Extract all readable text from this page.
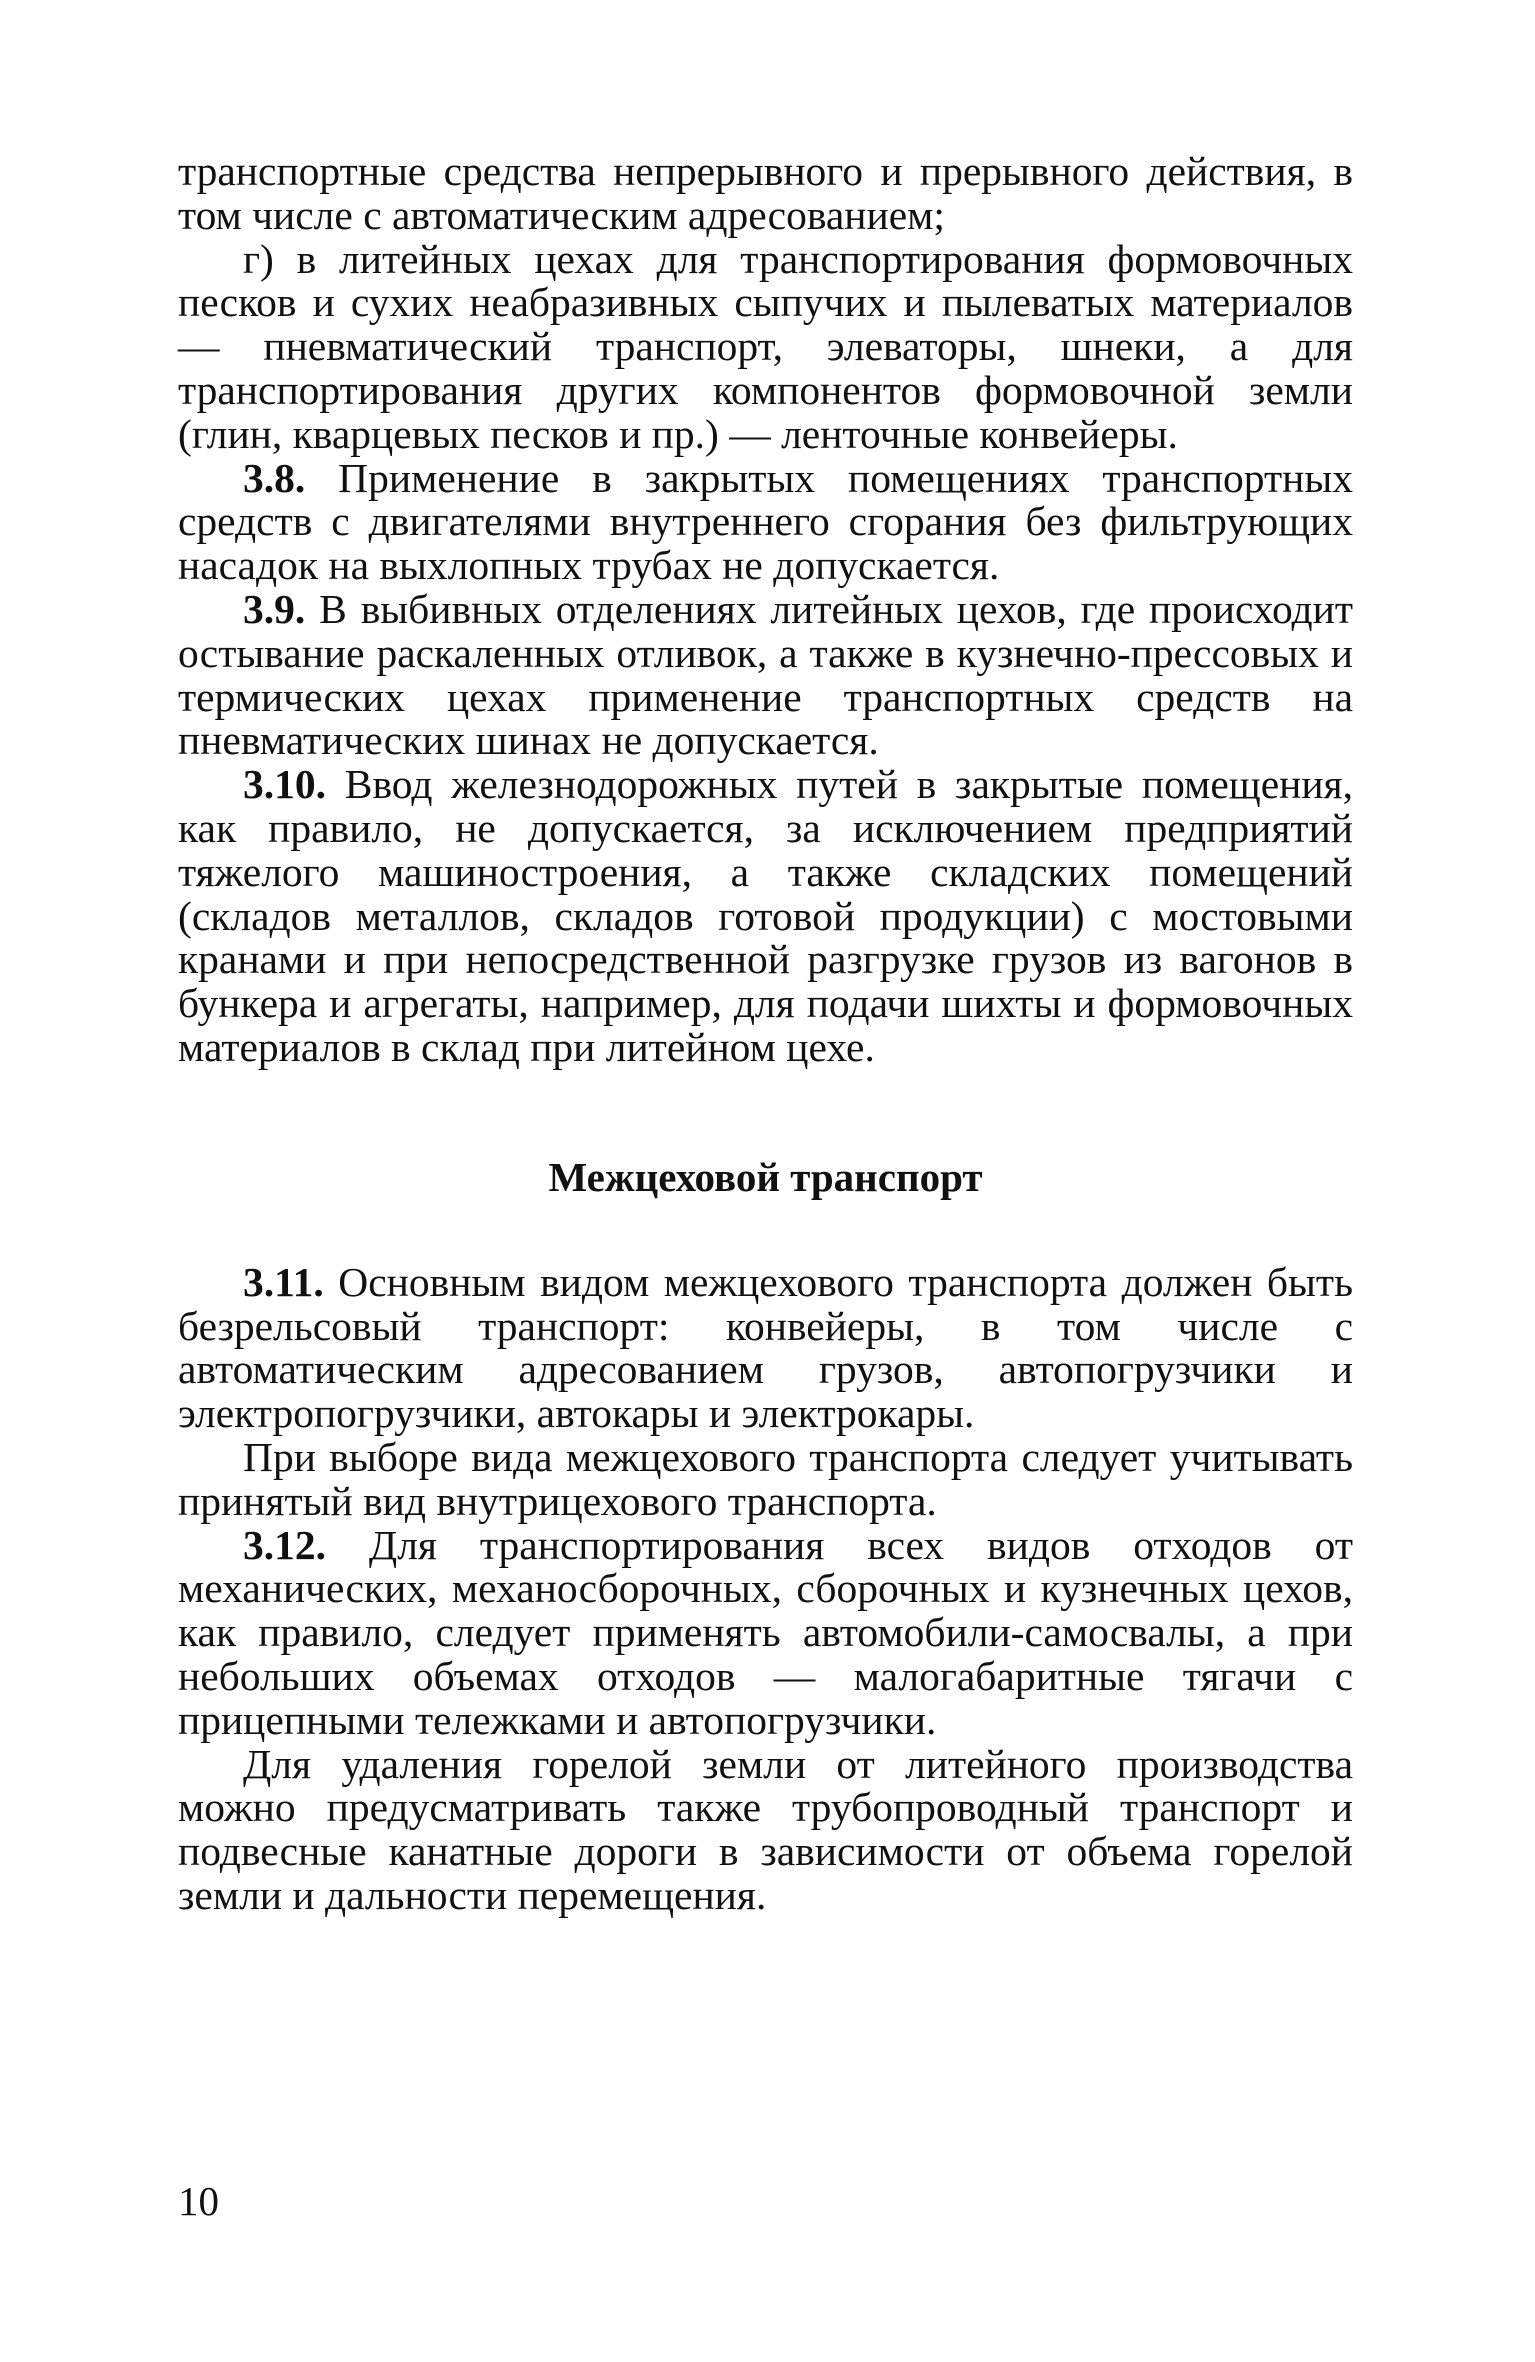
транспортные средства непрерывного и прерывного действия, в том числе с автоматическим адресованием;

г) в литейных цехах для транспортирования формовочных песков и сухих неабразивных сыпучих и пылеватых материалов — пневматический транспорт, элеваторы, шнеки, а для транспортирования других компонентов формовочной земли (глин, кварцевых песков и пр.) — ленточные конвейеры.

3.8. Применение в закрытых помещениях транспортных средств с двигателями внутреннего сгорания без фильтрующих насадок на выхлопных трубах не допускается.

3.9. В выбивных отделениях литейных цехов, где происходит остывание раскаленных отливок, а также в кузнечно-прессовых и термических цехах применение транспортных средств на пневматических шинах не допускается.

3.10. Ввод железнодорожных путей в закрытые помещения, как правило, не допускается, за исключением предприятий тяжелого машиностроения, а также складских помещений (складов металлов, складов готовой продукции) с мостовыми кранами и при непосредственной разгрузке грузов из вагонов в бункера и агрегаты, например, для подачи шихты и формовочных материалов в склад при литейном цехе.

Межцеховой транспорт

3.11. Основным видом межцехового транспорта должен быть безрельсовый транспорт: конвейеры, в том числе с автоматическим адресованием грузов, автопогрузчики и электропогрузчики, автокары и электрокары.

При выборе вида межцехового транспорта следует учитывать принятый вид внутрицехового транспорта.

3.12. Для транспортирования всех видов отходов от механических, механосборочных, сборочных и кузнечных цехов, как правило, следует применять автомобили-самосвалы, а при небольших объемах отходов — малогабаритные тягачи с прицепными тележками и автопогрузчики.

Для удаления горелой земли от литейного производства можно предусматривать также трубопроводный транспорт и подвесные канатные дороги в зависимости от объема горелой земли и дальности перемещения.

10
